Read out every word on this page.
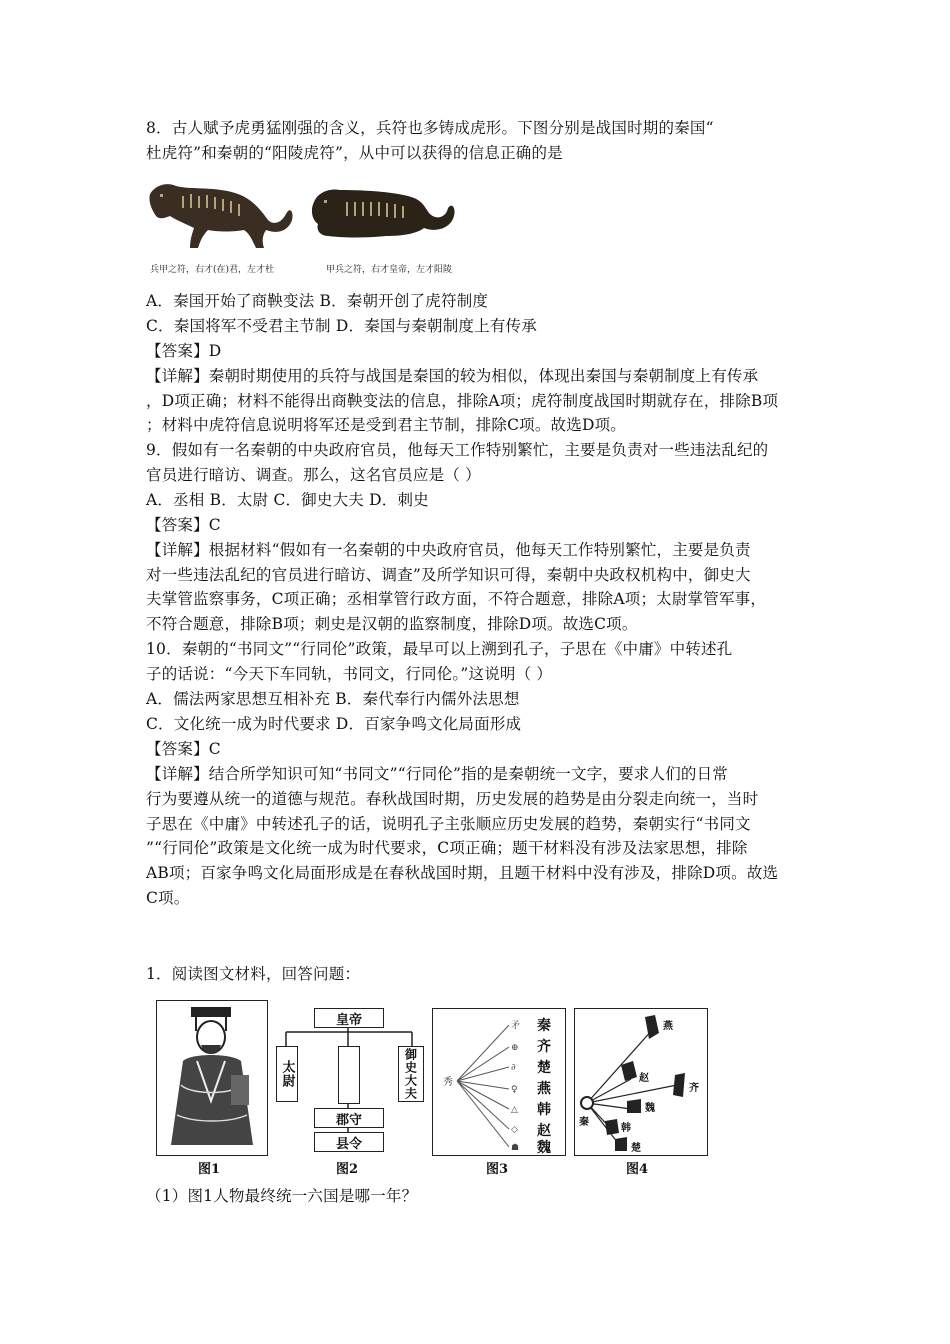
8．古人赋予虎勇猛刚强的含义，兵符也多铸成虎形。下图分别是战国时期的秦国“
杜虎符”和秦朝的“阳陵虎符”，从中可以获得的信息正确的是
兵甲之符，右才(在)君，左才杜	甲兵之符，右才皇帝，左才阳陵
A．秦国开始了商鞅变法 B．秦朝开创了虎符制度
C．秦国将军不受君主节制 D．秦国与秦朝制度上有传承
【答案】D
【详解】秦朝时期使用的兵符与战国是秦国的较为相似，体现出秦国与秦朝制度上有传承
，D项正确；材料不能得出商鞅变法的信息，排除A项；虎符制度战国时期就存在，排除B项
；材料中虎符信息说明将军还是受到君主节制，排除C项。故选D项。
9．假如有一名秦朝的中央政府官员，他每天工作特别繁忙，主要是负责对一些违法乱纪的
官员进行暗访、调查。那么，这名官员应是（ ）
A．丞相 B．太尉 C．御史大夫 D．刺史
【答案】C
【详解】根据材料“假如有一名秦朝的中央政府官员，他每天工作特别繁忙，主要是负责
对一些违法乱纪的官员进行暗访、调查”及所学知识可得，秦朝中央政权机构中，御史大
夫掌管监察事务，C项正确；丞相掌管行政方面，不符合题意，排除A项；太尉掌管军事，
不符合题意，排除B项；刺史是汉朝的监察制度，排除D项。故选C项。
10．秦朝的“书同文”“行同伦”政策，最早可以上溯到孔子，子思在《中庸》中转述孔
子的话说：“今天下车同轨，书同文，行同伦。”这说明（ ）
A．儒法两家思想互相补充 B．秦代奉行内儒外法思想
C．文化统一成为时代要求 D．百家争鸣文化局面形成
【答案】C
【详解】结合所学知识可知“书同文”“行同伦”指的是秦朝统一文字，要求人们的日常
行为要遵从统一的道德与规范。春秋战国时期，历史发展的趋势是由分裂走向统一，当时
子思在《中庸》中转述孔子的话，说明孔子主张顺应历史发展的趋势，秦朝实行“书同文
”“行同伦”政策是文化统一成为时代要求，C项正确；题干材料没有涉及法家思想，排除
AB项；百家争鸣文化局面形成是在春秋战国时期，且题干材料中没有涉及，排除D项。故选
C项。
1．阅读图文材料，回答问题：
图1
皇帝
太尉	御史大夫
郡守
县令
图2
秀
矛
⊕
∂
♀
△
◇
☗
秦
齐
楚
燕
韩
赵
魏
图3
燕
赵
齐
魏
韩
楚
秦
图4
（1）图1人物最终统一六国是哪一年？
